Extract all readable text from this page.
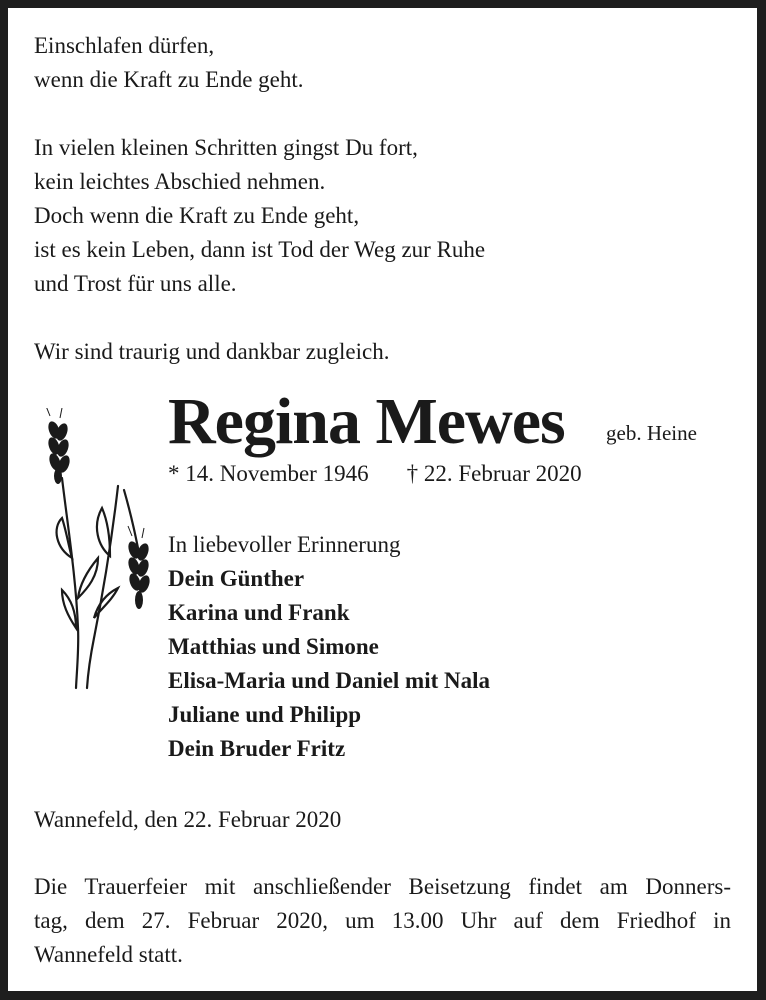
Einschlafen dürfen,
wenn die Kraft zu Ende geht.
In vielen kleinen Schritten gingst Du fort,
kein leichtes Abschied nehmen.
Doch wenn die Kraft zu Ende geht,
ist es kein Leben, dann ist Tod der Weg zur Ruhe
und Trost für uns alle.
Wir sind traurig und dankbar zugleich.
Regina Mewes geb. Heine
* 14. November 1946 † 22. Februar 2020
In liebevoller Erinnerung
Dein Günther
Karina und Frank
Matthias und Simone
Elisa-Maria und Daniel mit Nala
Juliane und Philipp
Dein Bruder Fritz
Wannefeld, den 22. Februar 2020
Die Trauerfeier mit anschließender Beisetzung findet am Donners-
tag, dem 27. Februar 2020, um 13.00 Uhr auf dem Friedhof in
Wannefeld statt.
